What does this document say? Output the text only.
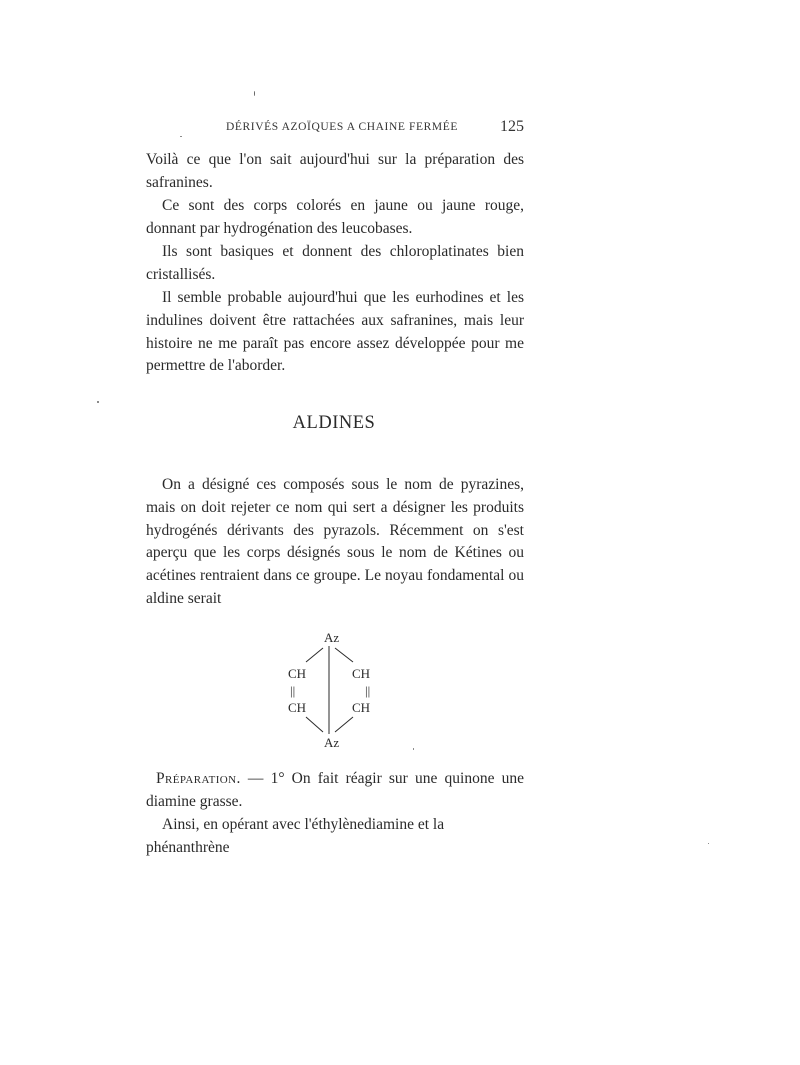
DÉRIVÉS AZOÏQUES A CHAINE FERMÉE	125

Voilà ce que l'on sait aujourd'hui sur la préparation des safranines.

Ce sont des corps colorés en jaune ou jaune rouge, donnant par hydrogénation des leucobases.

Ils sont basiques et donnent des chloroplatinates bien cristallisés.

Il semble probable aujourd'hui que les eurhodines et les indulines doivent être rattachées aux safranines, mais leur histoire ne me paraît pas encore assez développée pour me permettre de l'aborder.

ALDINES

On a désigné ces composés sous le nom de pyrazines, mais on doit rejeter ce nom qui sert a désigner les produits hydrogénés dérivants des pyrazols. Récemment on s'est aperçu que les corps désignés sous le nom de Kétines ou acétines rentraient dans ce groupe. Le noyau fondamental ou aldine serait

Az
CH	CH
||	||
CH	CH
Az

Préparation. — 1° On fait réagir sur une quinone une diamine grasse.

Ainsi, en opérant avec l'éthylènediamine et la phénanthrène
